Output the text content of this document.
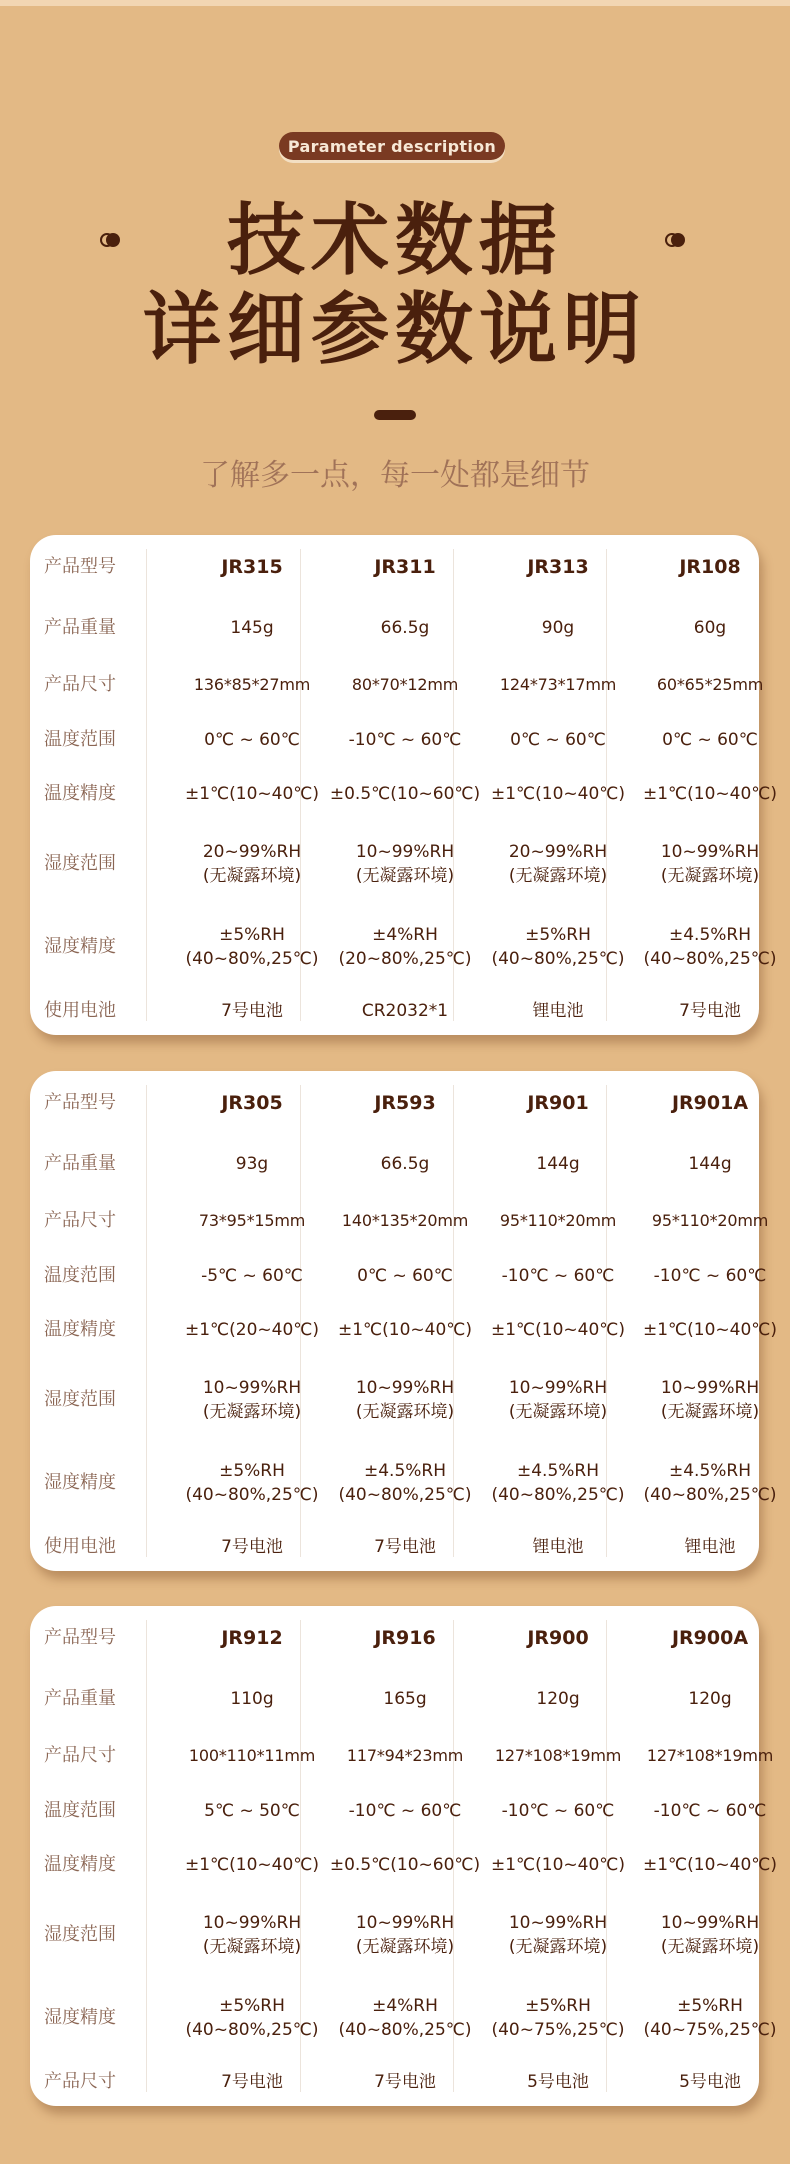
Parameter description
技术数据
详细参数说明
了解多一点，每一处都是细节
产品型号
产品重量
产品尺寸
温度范围
温度精度
湿度范围
湿度精度
使用电池
JR315
145g
136*85*27mm
0℃ ~ 60℃
±1℃(10~40℃)
20~99%RH
(无凝露环境)
±5%RH
(40~80%,25℃)
7号电池
JR311
66.5g
80*70*12mm
-10℃ ~ 60℃
±0.5℃(10~60℃)
10~99%RH
(无凝露环境)
±4%RH
(20~80%,25℃)
CR2032*1
JR313
90g
124*73*17mm
0℃ ~ 60℃
±1℃(10~40℃)
20~99%RH
(无凝露环境)
±5%RH
(40~80%,25℃)
锂电池
JR108
60g
60*65*25mm
0℃ ~ 60℃
±1℃(10~40℃)
10~99%RH
(无凝露环境)
±4.5%RH
(40~80%,25℃)
7号电池
产品型号
产品重量
产品尺寸
温度范围
温度精度
湿度范围
湿度精度
使用电池
JR305
93g
73*95*15mm
-5℃ ~ 60℃
±1℃(20~40℃)
10~99%RH
(无凝露环境)
±5%RH
(40~80%,25℃)
7号电池
JR593
66.5g
140*135*20mm
0℃ ~ 60℃
±1℃(10~40℃)
10~99%RH
(无凝露环境)
±4.5%RH
(40~80%,25℃)
7号电池
JR901
144g
95*110*20mm
-10℃ ~ 60℃
±1℃(10~40℃)
10~99%RH
(无凝露环境)
±4.5%RH
(40~80%,25℃)
锂电池
JR901A
144g
95*110*20mm
-10℃ ~ 60℃
±1℃(10~40℃)
10~99%RH
(无凝露环境)
±4.5%RH
(40~80%,25℃)
锂电池
产品型号
产品重量
产品尺寸
温度范围
温度精度
湿度范围
湿度精度
产品尺寸
JR912
110g
100*110*11mm
5℃ ~ 50℃
±1℃(10~40℃)
10~99%RH
(无凝露环境)
±5%RH
(40~80%,25℃)
7号电池
JR916
165g
117*94*23mm
-10℃ ~ 60℃
±0.5℃(10~60℃)
10~99%RH
(无凝露环境)
±4%RH
(40~80%,25℃)
7号电池
JR900
120g
127*108*19mm
-10℃ ~ 60℃
±1℃(10~40℃)
10~99%RH
(无凝露环境)
±5%RH
(40~75%,25℃)
5号电池
JR900A
120g
127*108*19mm
-10℃ ~ 60℃
±1℃(10~40℃)
10~99%RH
(无凝露环境)
±5%RH
(40~75%,25℃)
5号电池
